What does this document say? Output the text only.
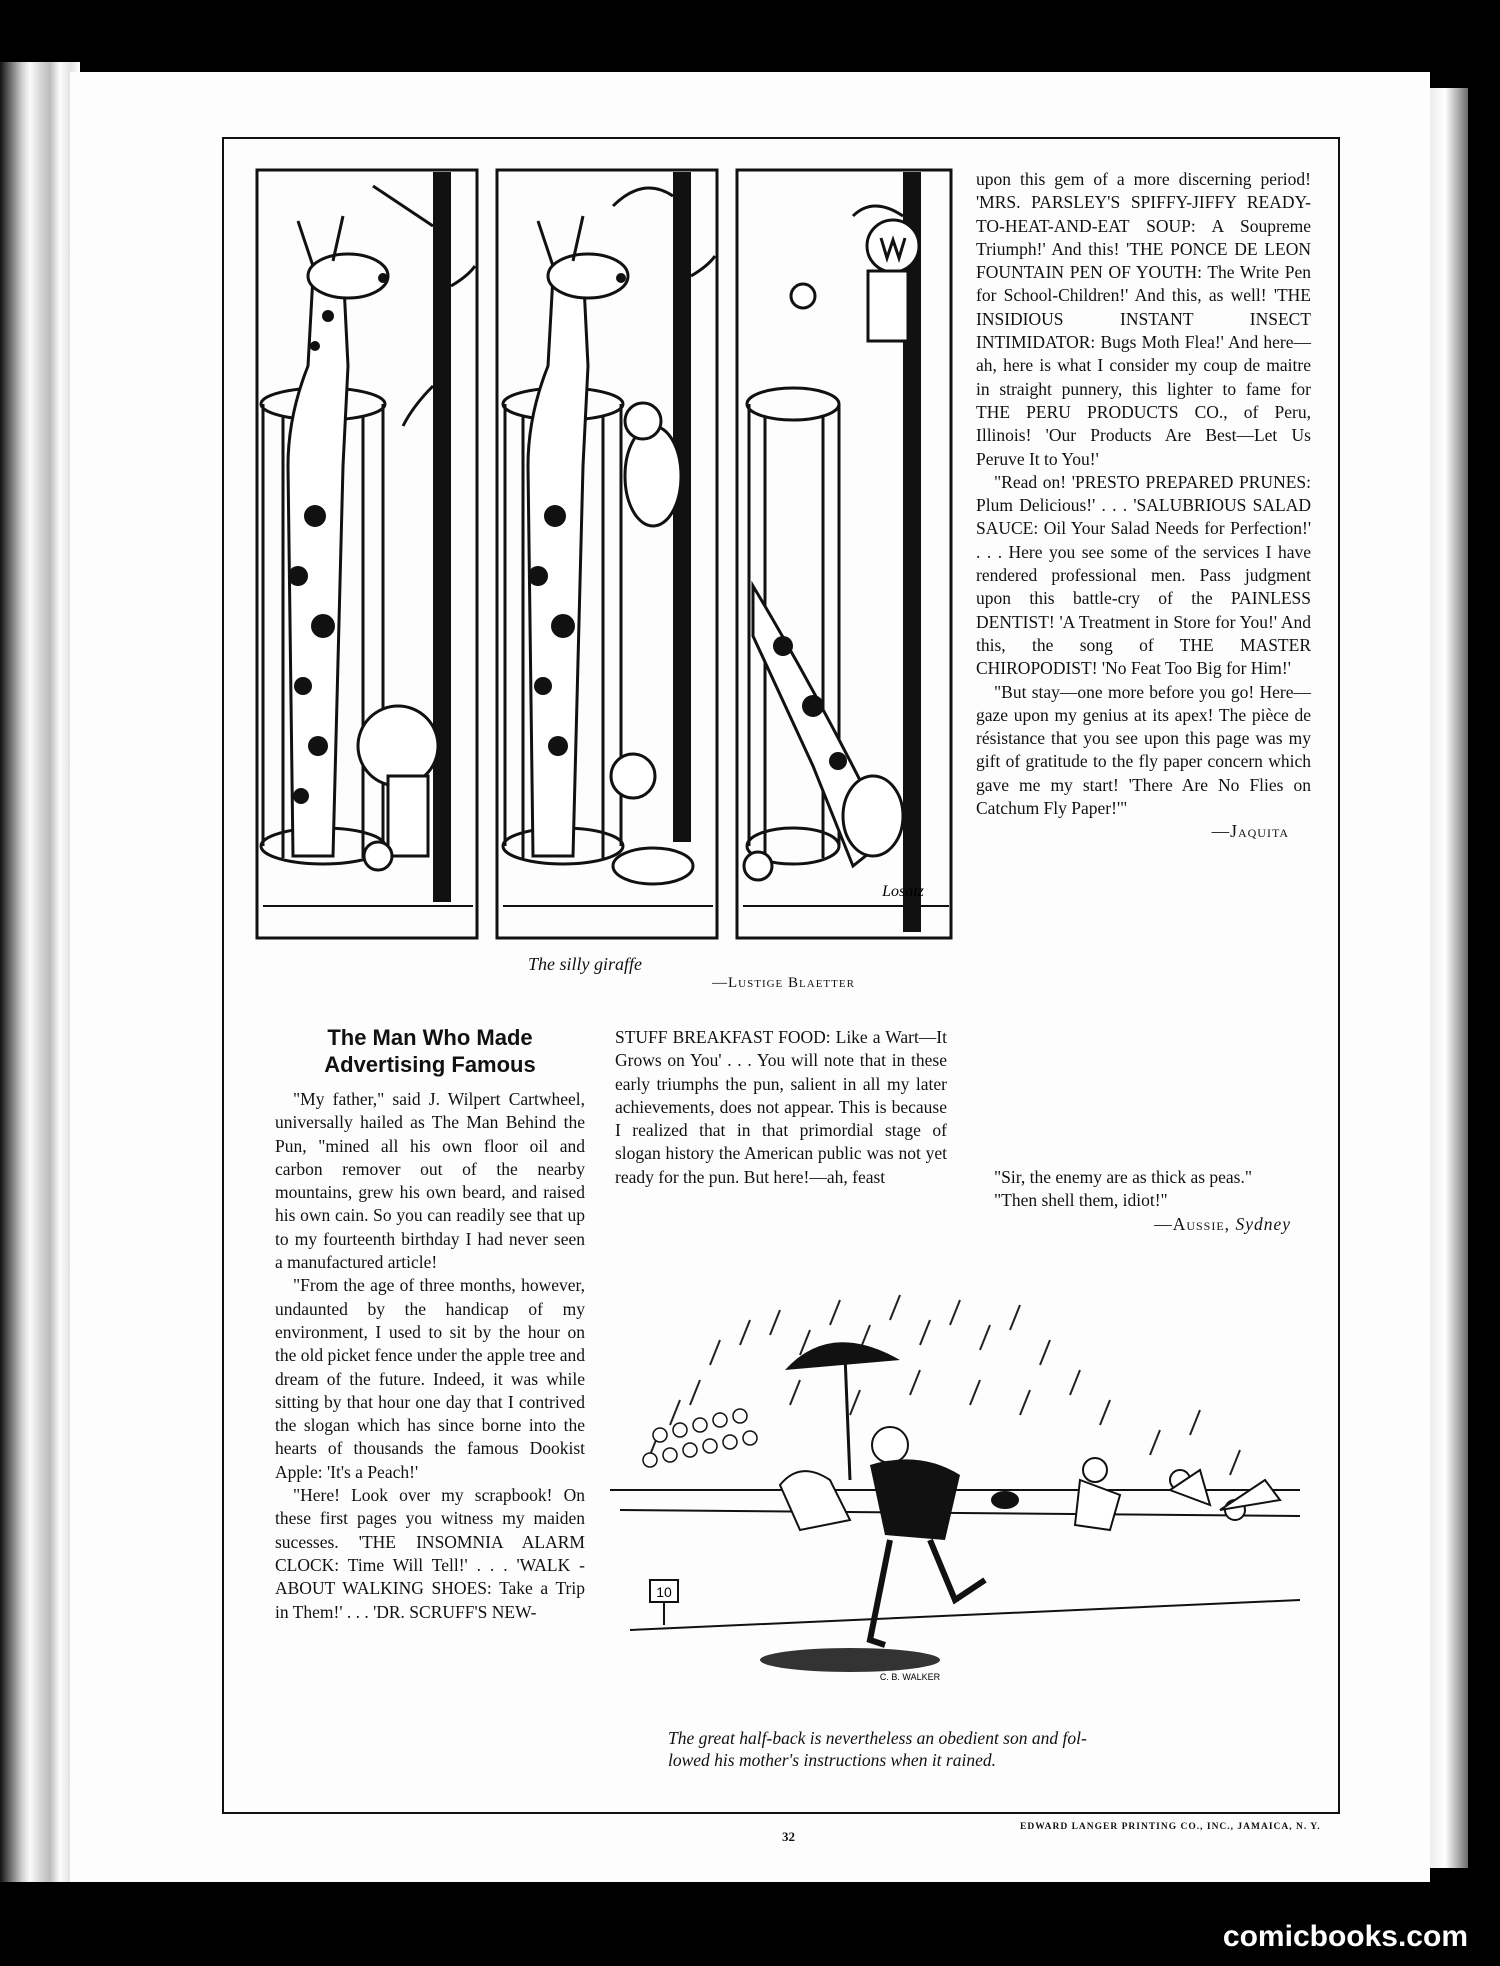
Losatz
The silly giraffe
—Lustige Blaetter
The Man Who Made
Advertising Famous

"My father," said J. Wilpert Cartwheel, universally hailed as The Man Behind the Pun, "mined all his own floor oil and carbon remover out of the nearby mountains, grew his own beard, and raised his own cain. So you can readily see that up to my fourteenth birthday I had never seen a manufactured article!

"From the age of three months, however, undaunted by the handicap of my environment, I used to sit by the hour on the old picket fence under the apple tree and dream of the future. Indeed, it was while sitting by that hour one day that I contrived the slogan which has since borne into the hearts of thousands the famous Dookist Apple: 'It's a Peach!'

"Here! Look over my scrapbook! On these first pages you witness my maiden sucesses. 'THE INSOMNIA ALARM CLOCK: Time Will Tell!' . . . 'WALK - ABOUT WALKING SHOES: Take a Trip in Them!' . . . 'DR. SCRUFF'S NEW-

STUFF BREAKFAST FOOD: Like a Wart—It Grows on You' . . . You will note that in these early triumphs the pun, salient in all my later achievements, does not appear. This is because I realized that in that primordial stage of slogan history the American public was not yet ready for the pun. But here!—ah, feast

upon this gem of a more discerning period! 'MRS. PARSLEY'S SPIFFY-JIFFY READY-TO-HEAT-AND-EAT SOUP: A Soupreme Triumph!' And this! 'THE PONCE DE LEON FOUNTAIN PEN OF YOUTH: The Write Pen for School-Children!' And this, as well! 'THE INSIDIOUS INSTANT INSECT INTIMIDATOR: Bugs Moth Flea!' And here—ah, here is what I consider my coup de maitre in straight punnery, this lighter to fame for THE PERU PRODUCTS CO., of Peru, Illinois! 'Our Products Are Best—Let Us Peruve It to You!'

"Read on! 'PRESTO PREPARED PRUNES: Plum Delicious!' . . . 'SALUBRIOUS SALAD SAUCE: Oil Your Salad Needs for Perfection!' . . . Here you see some of the services I have rendered professional men. Pass judgment upon this battle-cry of the PAINLESS DENTIST! 'A Treatment in Store for You!' And this, the song of THE MASTER CHIROPODIST! 'No Feat Too Big for Him!'

"But stay—one more before you go! Here—gaze upon my genius at its apex! The pièce de résistance that you see upon this page was my gift of gratitude to the fly paper concern which gave me my start! 'There Are No Flies on Catchum Fly Paper!'"

—Jaquita

"Sir, the enemy are as thick as peas."

"Then shell them, idiot!"

—Aussie, Sydney

10
C. B. WALKER
The great half-back is nevertheless an obedient son and fol-
lowed his mother's instructions when it rained.
32
EDWARD LANGER PRINTING CO., INC., JAMAICA, N. Y.
comicbooks.com
